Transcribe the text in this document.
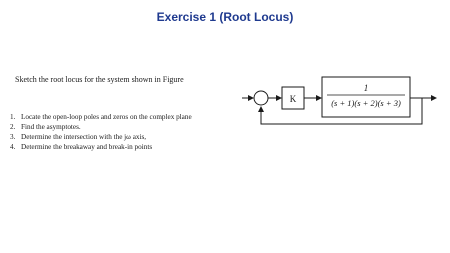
Exercise 1 (Root Locus)
Sketch the root locus for the system shown in Figure
1. Locate the open-loop poles and zeros on the complex plane
2. Find the asymptotes.
3. Determine the intersection with the jω axis,
4. Determine the breakaway and break-in points
K
1
(s + 1)(s + 2)(s + 3)
